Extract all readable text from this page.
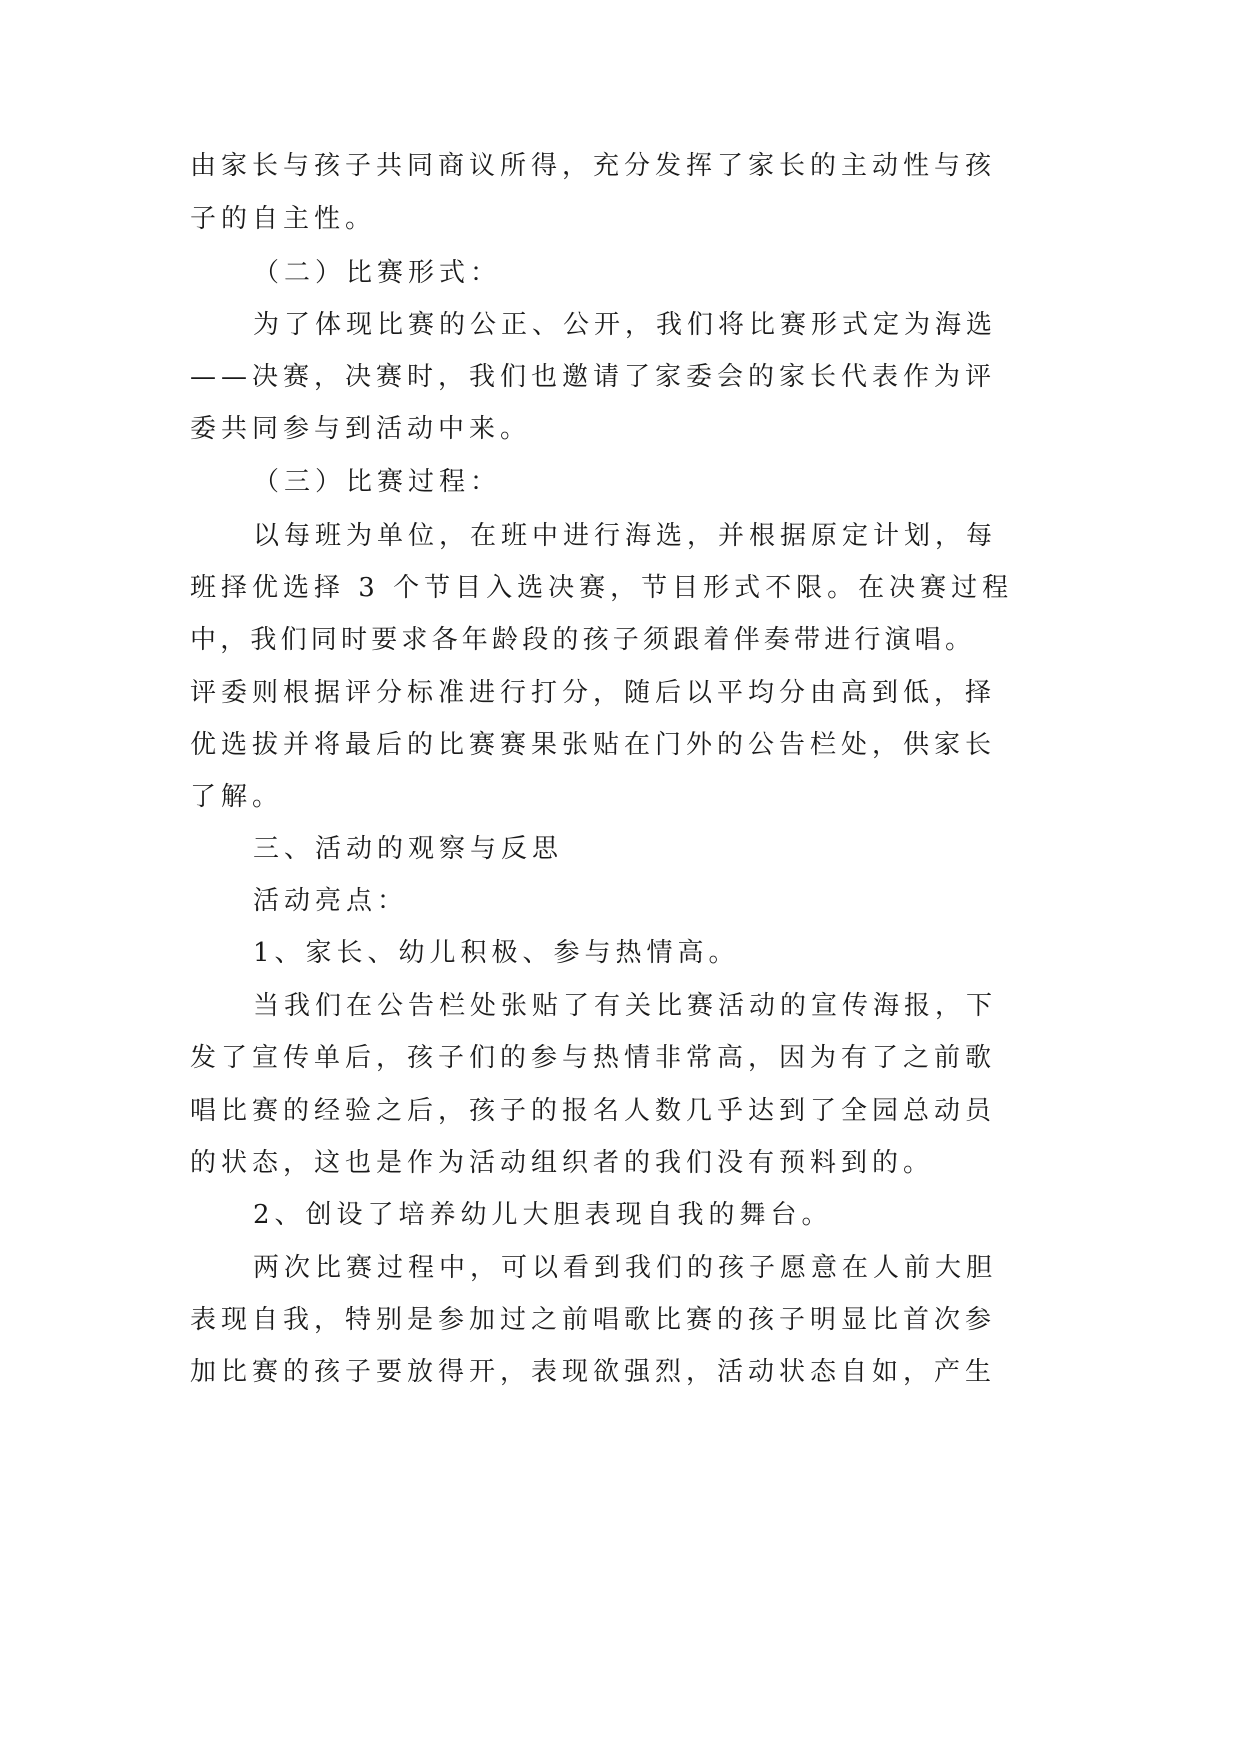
由家长与孩子共同商议所得，充分发挥了家长的主动性与孩
子的自主性。
（二）比赛形式：
为了体现比赛的公正、公开，我们将比赛形式定为海选
——决赛，决赛时，我们也邀请了家委会的家长代表作为评
委共同参与到活动中来。
（三）比赛过程：
以每班为单位，在班中进行海选，并根据原定计划，每
班择优选择 3 个节目入选决赛，节目形式不限。在决赛过程
中，我们同时要求各年龄段的孩子须跟着伴奏带进行演唱。
评委则根据评分标准进行打分，随后以平均分由高到低，择
优选拔并将最后的比赛赛果张贴在门外的公告栏处，供家长
了解。
三、活动的观察与反思
活动亮点：
1、家长、幼儿积极、参与热情高。
当我们在公告栏处张贴了有关比赛活动的宣传海报，下
发了宣传单后，孩子们的参与热情非常高，因为有了之前歌
唱比赛的经验之后，孩子的报名人数几乎达到了全园总动员
的状态，这也是作为活动组织者的我们没有预料到的。
2、创设了培养幼儿大胆表现自我的舞台。
两次比赛过程中，可以看到我们的孩子愿意在人前大胆
表现自我，特别是参加过之前唱歌比赛的孩子明显比首次参
加比赛的孩子要放得开，表现欲强烈，活动状态自如，产生
